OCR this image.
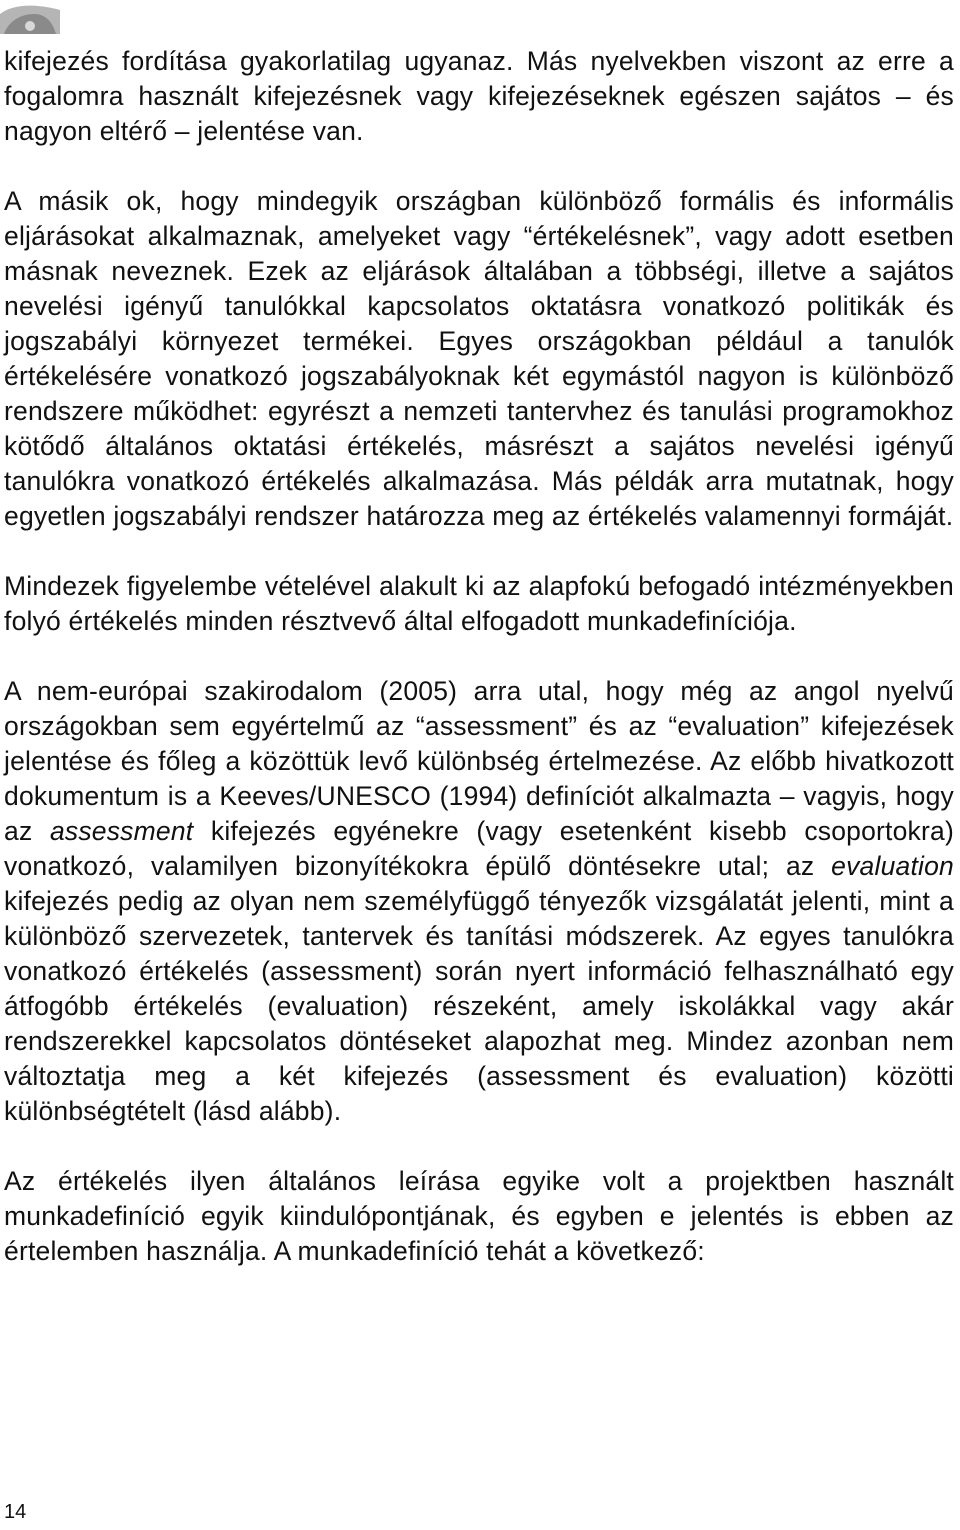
kifejezés fordítása gyakorlatilag ugyanaz. Más nyelvekben viszont az erre a fogalomra használt kifejezésnek vagy kifejezéseknek egészen sajátos – és nagyon eltérő – jelentése van.

A másik ok, hogy mindegyik országban különböző formális és informális eljárásokat alkalmaznak, amelyeket vagy “értékelésnek”, vagy adott esetben másnak neveznek. Ezek az eljárások általában a többségi, illetve a sajátos nevelési igényű tanulókkal kapcsolatos oktatásra vonatkozó politikák és jogszabályi környezet termékei. Egyes országokban például a tanulók értékelésére vonatkozó jogszabályoknak két egymástól nagyon is különböző rendszere működhet: egyrészt a nemzeti tantervhez és tanulási programokhoz kötődő általános oktatási értékelés, másrészt a sajátos nevelési igényű tanulókra vonatkozó értékelés alkalmazása. Más példák arra mutatnak, hogy egyetlen jogszabályi rendszer határozza meg az értékelés valamennyi formáját.

Mindezek figyelembe vételével alakult ki az alapfokú befogadó intézményekben folyó értékelés minden résztvevő által elfogadott munkadefiníciója.

A nem-európai szakirodalom (2005) arra utal, hogy még az angol nyelvű országokban sem egyértelmű az “assessment” és az “evaluation” kifejezések jelentése és főleg a közöttük levő különbség értelmezése. Az előbb hivatkozott dokumentum is a Keeves/UNESCO (1994) definíciót alkalmazta – vagyis, hogy az assessment kifejezés egyénekre (vagy esetenként kisebb csoportokra) vonatkozó, valamilyen bizonyítékokra épülő döntésekre utal; az evaluation kifejezés pedig az olyan nem személyfüggő tényezők vizsgálatát jelenti, mint a különböző szervezetek, tantervek és tanítási módszerek. Az egyes tanulókra vonatkozó értékelés (assessment) során nyert információ felhasználható egy átfogóbb értékelés (evaluation) részeként, amely iskolákkal vagy akár rendszerekkel kapcsolatos döntéseket alapozhat meg. Mindez azonban nem változtatja meg a két kifejezés (assessment és evaluation) közötti különbségtételt (lásd alább).

Az értékelés ilyen általános leírása egyike volt a projektben használt munkadefiníció egyik kiindulópontjának, és egyben e jelentés is ebben az értelemben használja. A munkadefiníció tehát a következő:

14
